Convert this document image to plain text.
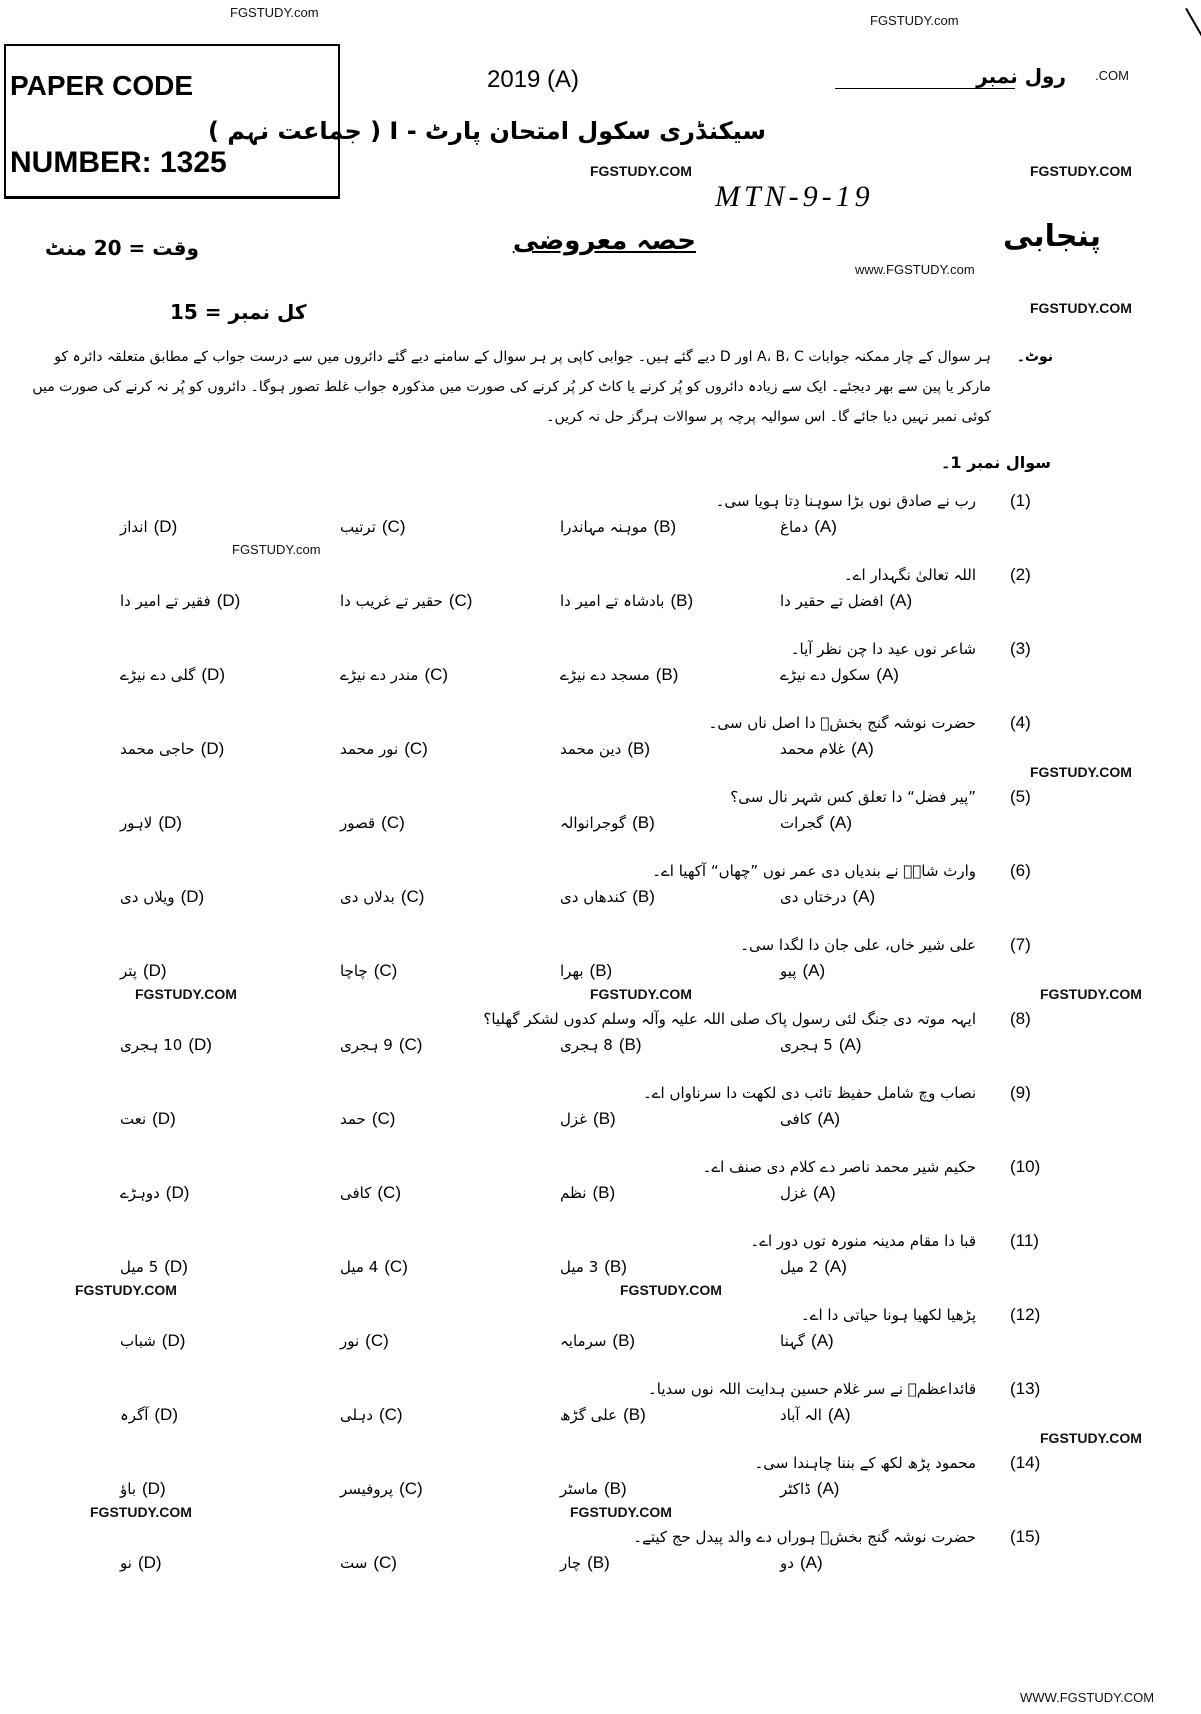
PAPER CODE
NUMBER: 1325
2019 (A)
سیکنڈری سکول امتحان پارٹ - I ( جماعت نہم )
رول نمبر
MTN-9-19
پنجابی
حصہ معروضی
وقت = 20 منٹ
کل نمبر = 15
نوٹ۔
ہر سوال کے چار ممکنہ جوابات A، B، C اور D دیے گئے ہیں۔ جوابی کاپی پر ہر سوال کے سامنے دیے گئے دائروں میں سے درست جواب کے مطابق متعلقہ دائرہ کو مارکر یا پین سے بھر دیجئے۔ ایک سے زیادہ دائروں کو پُر کرنے یا کاٹ کر پُر کرنے کی صورت میں مذکورہ جواب غلط تصور ہوگا۔ دائروں کو پُر نہ کرنے کی صورت میں کوئی نمبر نہیں دیا جائے گا۔ اس سوالیہ پرچہ پر سوالات ہرگز حل نہ کریں۔
سوال نمبر 1۔
(1)
رب نے صادق نوں بڑا سوہنا دِتا ہویا سی۔
دماغ (A)
موہنہ مہاندرا (B)
ترتیب (C)
انداز (D)
(2)
اللہ تعالیٰ نگہدار اے۔
افضل تے حقیر دا (A)
بادشاہ تے امیر دا (B)
حقیر تے غریب دا (C)
فقیر تے امیر دا (D)
(3)
شاعر نوں عید دا چن نظر آیا۔
سکول دے نیڑے (A)
مسجد دے نیڑے (B)
مندر دے نیڑے (C)
گلی دے نیڑے (D)
(4)
حضرت نوشہ گنج بخشؒ دا اصل ناں سی۔
غلام محمد (A)
دین محمد (B)
نور محمد (C)
حاجی محمد (D)
(5)
”پیر فضل“ دا تعلق کس شہر نال سی؟
گجرات (A)
گوجرانوالہ (B)
قصور (C)
لاہور (D)
(6)
وارث شاہؒ نے بندیاں دی عمر نوں ”چھاں“ آکھیا اے۔
درختاں دی (A)
کندھاں دی (B)
بدلاں دی (C)
ویلاں دی (D)
(7)
علی شیر خاں، علی جان دا لگدا سی۔
پیو (A)
بھرا (B)
چاچا (C)
پتر (D)
(8)
ایہہ موتہ دی جنگ لئی رسول پاک صلی اللہ علیہ وآلہ وسلم کدوں لشکر گھلیا؟
5 ہجری (A)
8 ہجری (B)
9 ہجری (C)
10 ہجری (D)
(9)
نصاب وچ شامل حفیظ تائب دی لکھت دا سرناواں اے۔
کافی (A)
غزل (B)
حمد (C)
نعت (D)
(10)
حکیم شیر محمد ناصر دے کلام دی صنف اے۔
غزل (A)
نظم (B)
کافی (C)
دوہڑے (D)
(11)
قبا دا مقام مدینہ منورہ توں دور اے۔
2 میل (A)
3 میل (B)
4 میل (C)
5 میل (D)
(12)
پڑھیا لکھیا ہونا حیاتی دا اے۔
گہنا (A)
سرمایہ (B)
نور (C)
شباب (D)
(13)
قائداعظمؒ نے سر غلام حسین ہدایت اللہ نوں سدیا۔
الہ آباد (A)
علی گڑھ (B)
دہلی (C)
آگرہ (D)
(14)
محمود پڑھ لکھ کے بننا چاہندا سی۔
ڈاکٹر (A)
ماسٹر (B)
پروفیسر (C)
باؤ (D)
(15)
حضرت نوشہ گنج بخشؒ ہوراں دے والد پیدل حج کیتے۔
دو (A)
چار (B)
ست (C)
نو (D)
FGSTUDY.com
FGSTUDY.com
.COM
FGSTUDY.COM	FGSTUDY.COM
www.FGSTUDY.com
FGSTUDY.COM
FGSTUDY.com
FGSTUDY.COM
FGSTUDY.COM	FGSTUDY.COM	FGSTUDY.COM
FGSTUDY.COM	FGSTUDY.COM
FGSTUDY.COM
FGSTUDY.COM	FGSTUDY.COM
WWW.FGSTUDY.COM
